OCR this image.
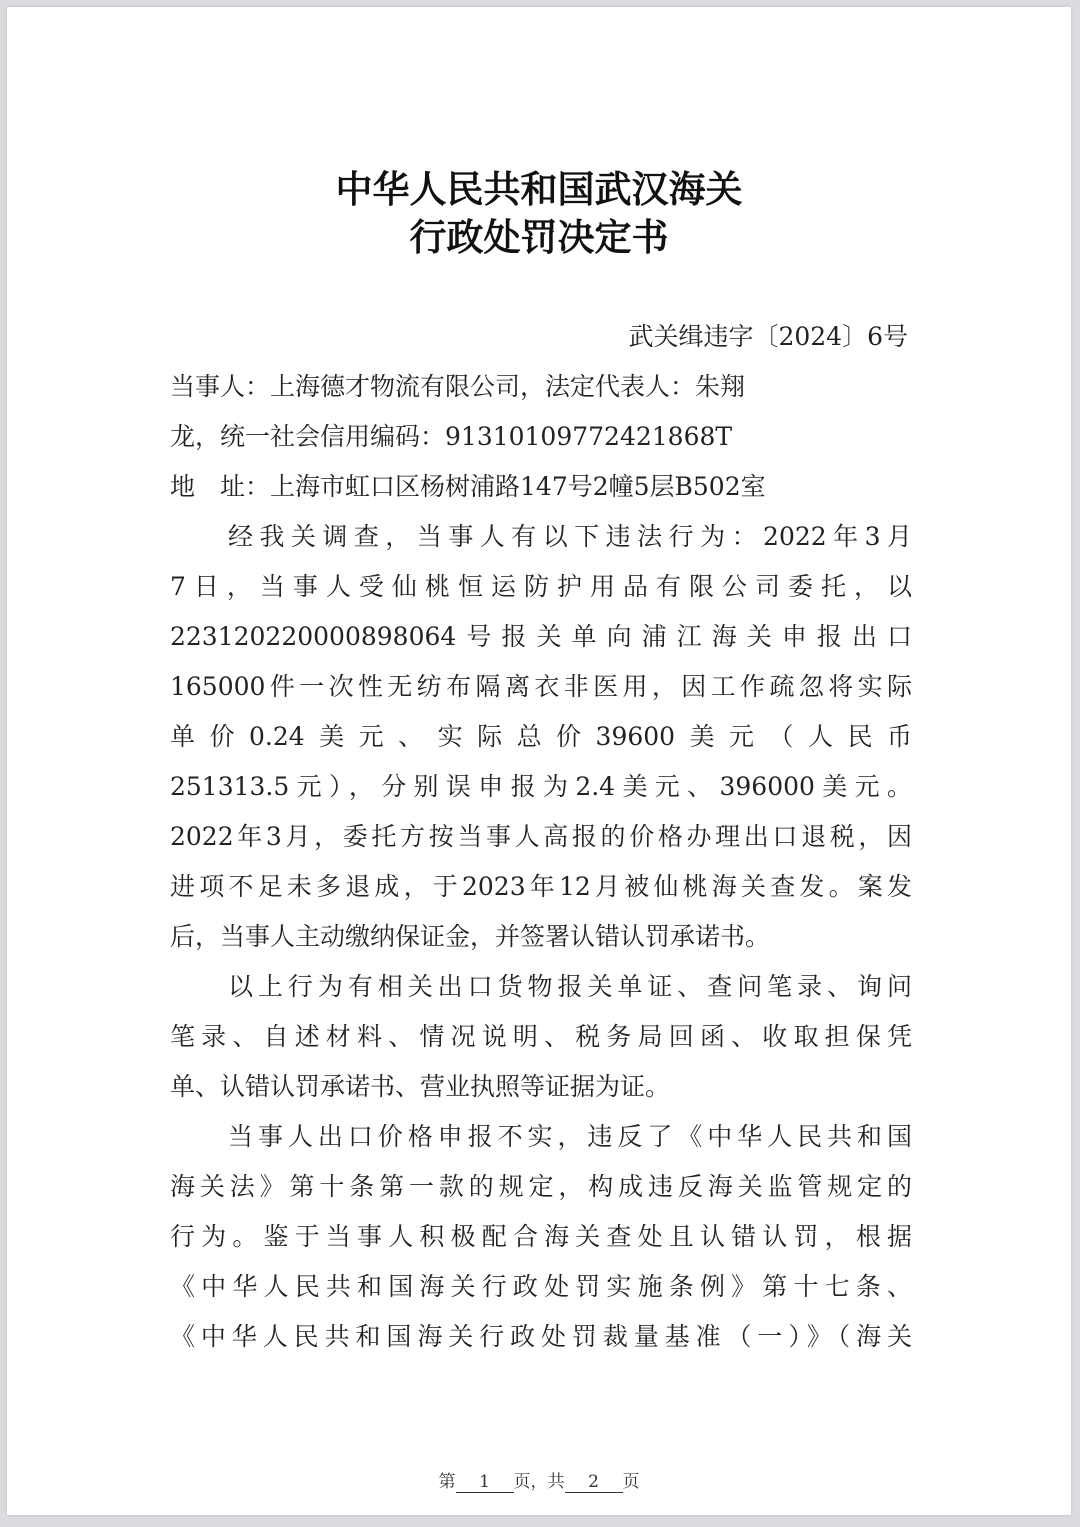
中华人民共和国武汉海关
行政处罚决定书
武关缉违字〔2024〕6号
当事人：上海德才物流有限公司，法定代表人：朱翔
龙，统一社会信用编码：91310109772421868T
地　址：上海市虹口区杨树浦路147号2幢5层B502室
经我关调查，当事人有以下违法行为：2022年3月
7日，当事人受仙桃恒运防护用品有限公司委托，以
223120220000898064号报关单向浦江海关申报出口
165000件一次性无纺布隔离衣非医用，因工作疏忽将实际
单价0.24美元、实际总价39600美元（人民币
251313.5元），分别误申报为2.4美元、396000美元。
2022年3月，委托方按当事人高报的价格办理出口退税，因
进项不足未多退成，于2023年12月被仙桃海关查发。案发
后，当事人主动缴纳保证金，并签署认错认罚承诺书。
以上行为有相关出口货物报关单证、查问笔录、询问
笔录、自述材料、情况说明、税务局回函、收取担保凭
单、认错认罚承诺书、营业执照等证据为证。
当事人出口价格申报不实，违反了《中华人民共和国
海关法》第十条第一款的规定，构成违反海关监管规定的
行为。鉴于当事人积极配合海关查处且认错认罚，根据
《中华人民共和国海关行政处罚实施条例》第十七条、
《中华人民共和国海关行政处罚裁量基准（一）》（海关
第 1 页，共 2 页
